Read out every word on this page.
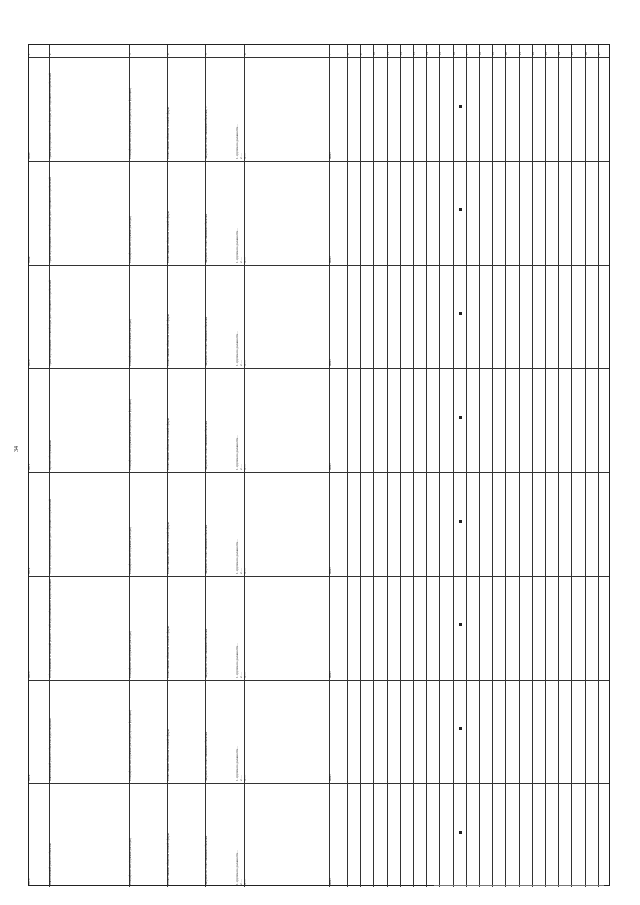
34
1	2	3	4	5	6	7	8	9	10	11	12	13	14	15	16	17	18	19	20	21	22	23	24	25	26	27
8668	Транспортирование сточной воды для сторонних потребителей	Специфические (прямые расходы (прочие функции)	Сопоставимо объектов сетевой сферы	Затраты по сопоставимым объектам, ...	1. группа по должности...
2. ...
3. ...	НВО
8669	Транспортирование сточной воды для сторонних потребителей	Специфические (прямые расходы)	Сопоставимо объектов сетевой сферы	Затраты по сопоставимым объектам	1. группа по должности...
2. ...
3. ...	НВО
8670	Транспортирование сточной воды для сторонних потребителей	Специфические (прямые расходы)	Сопоставимо объектов сетевой сферы	Затраты по сопоставимым объектам	1. группа по должности...
2. ...
3. ...	НВО
8671	Прочее обслуживание	Специфические (прямые расходы (прочие функции)	Сопоставимо объектов сетевой сферы	Затраты по сопоставимым объектам	1. группа по должности...
2. ...
3. ...	НВО
8672	Услуги по водоотведению для сторонних потребителей	Специфические (прямые расходы)	Сопоставимо объектов сетевой сферы	Затраты по сопоставимым объектам	1. группа по должности...
2. ...
3. ...	НВО
8673	Обслуживание и текущий ремонт сетей водоснабжения и водоотведения	Специфические (прямые расходы)	Сопоставимо объектов сетевой сферы	Затраты по сопоставимым объектам	1. группа по должности...
2. ...
3. ...	НВО
8674	Капитальный ремонт объектов водоотведения	Специфические (прямые расходы (прочие функции)	Сопоставимо объектов сетевой сферы	Затраты по сопоставимым объектам	1. группа по должности...
2. ...
3. ...	НВО
8675	Капитальный ремонт объектов	Специфические (прямые расходы)	Сопоставимо объектов сетевой сферы	Затраты по сопоставимым объектам	1. группа по должности...
2. ...
3. ...	НВО
